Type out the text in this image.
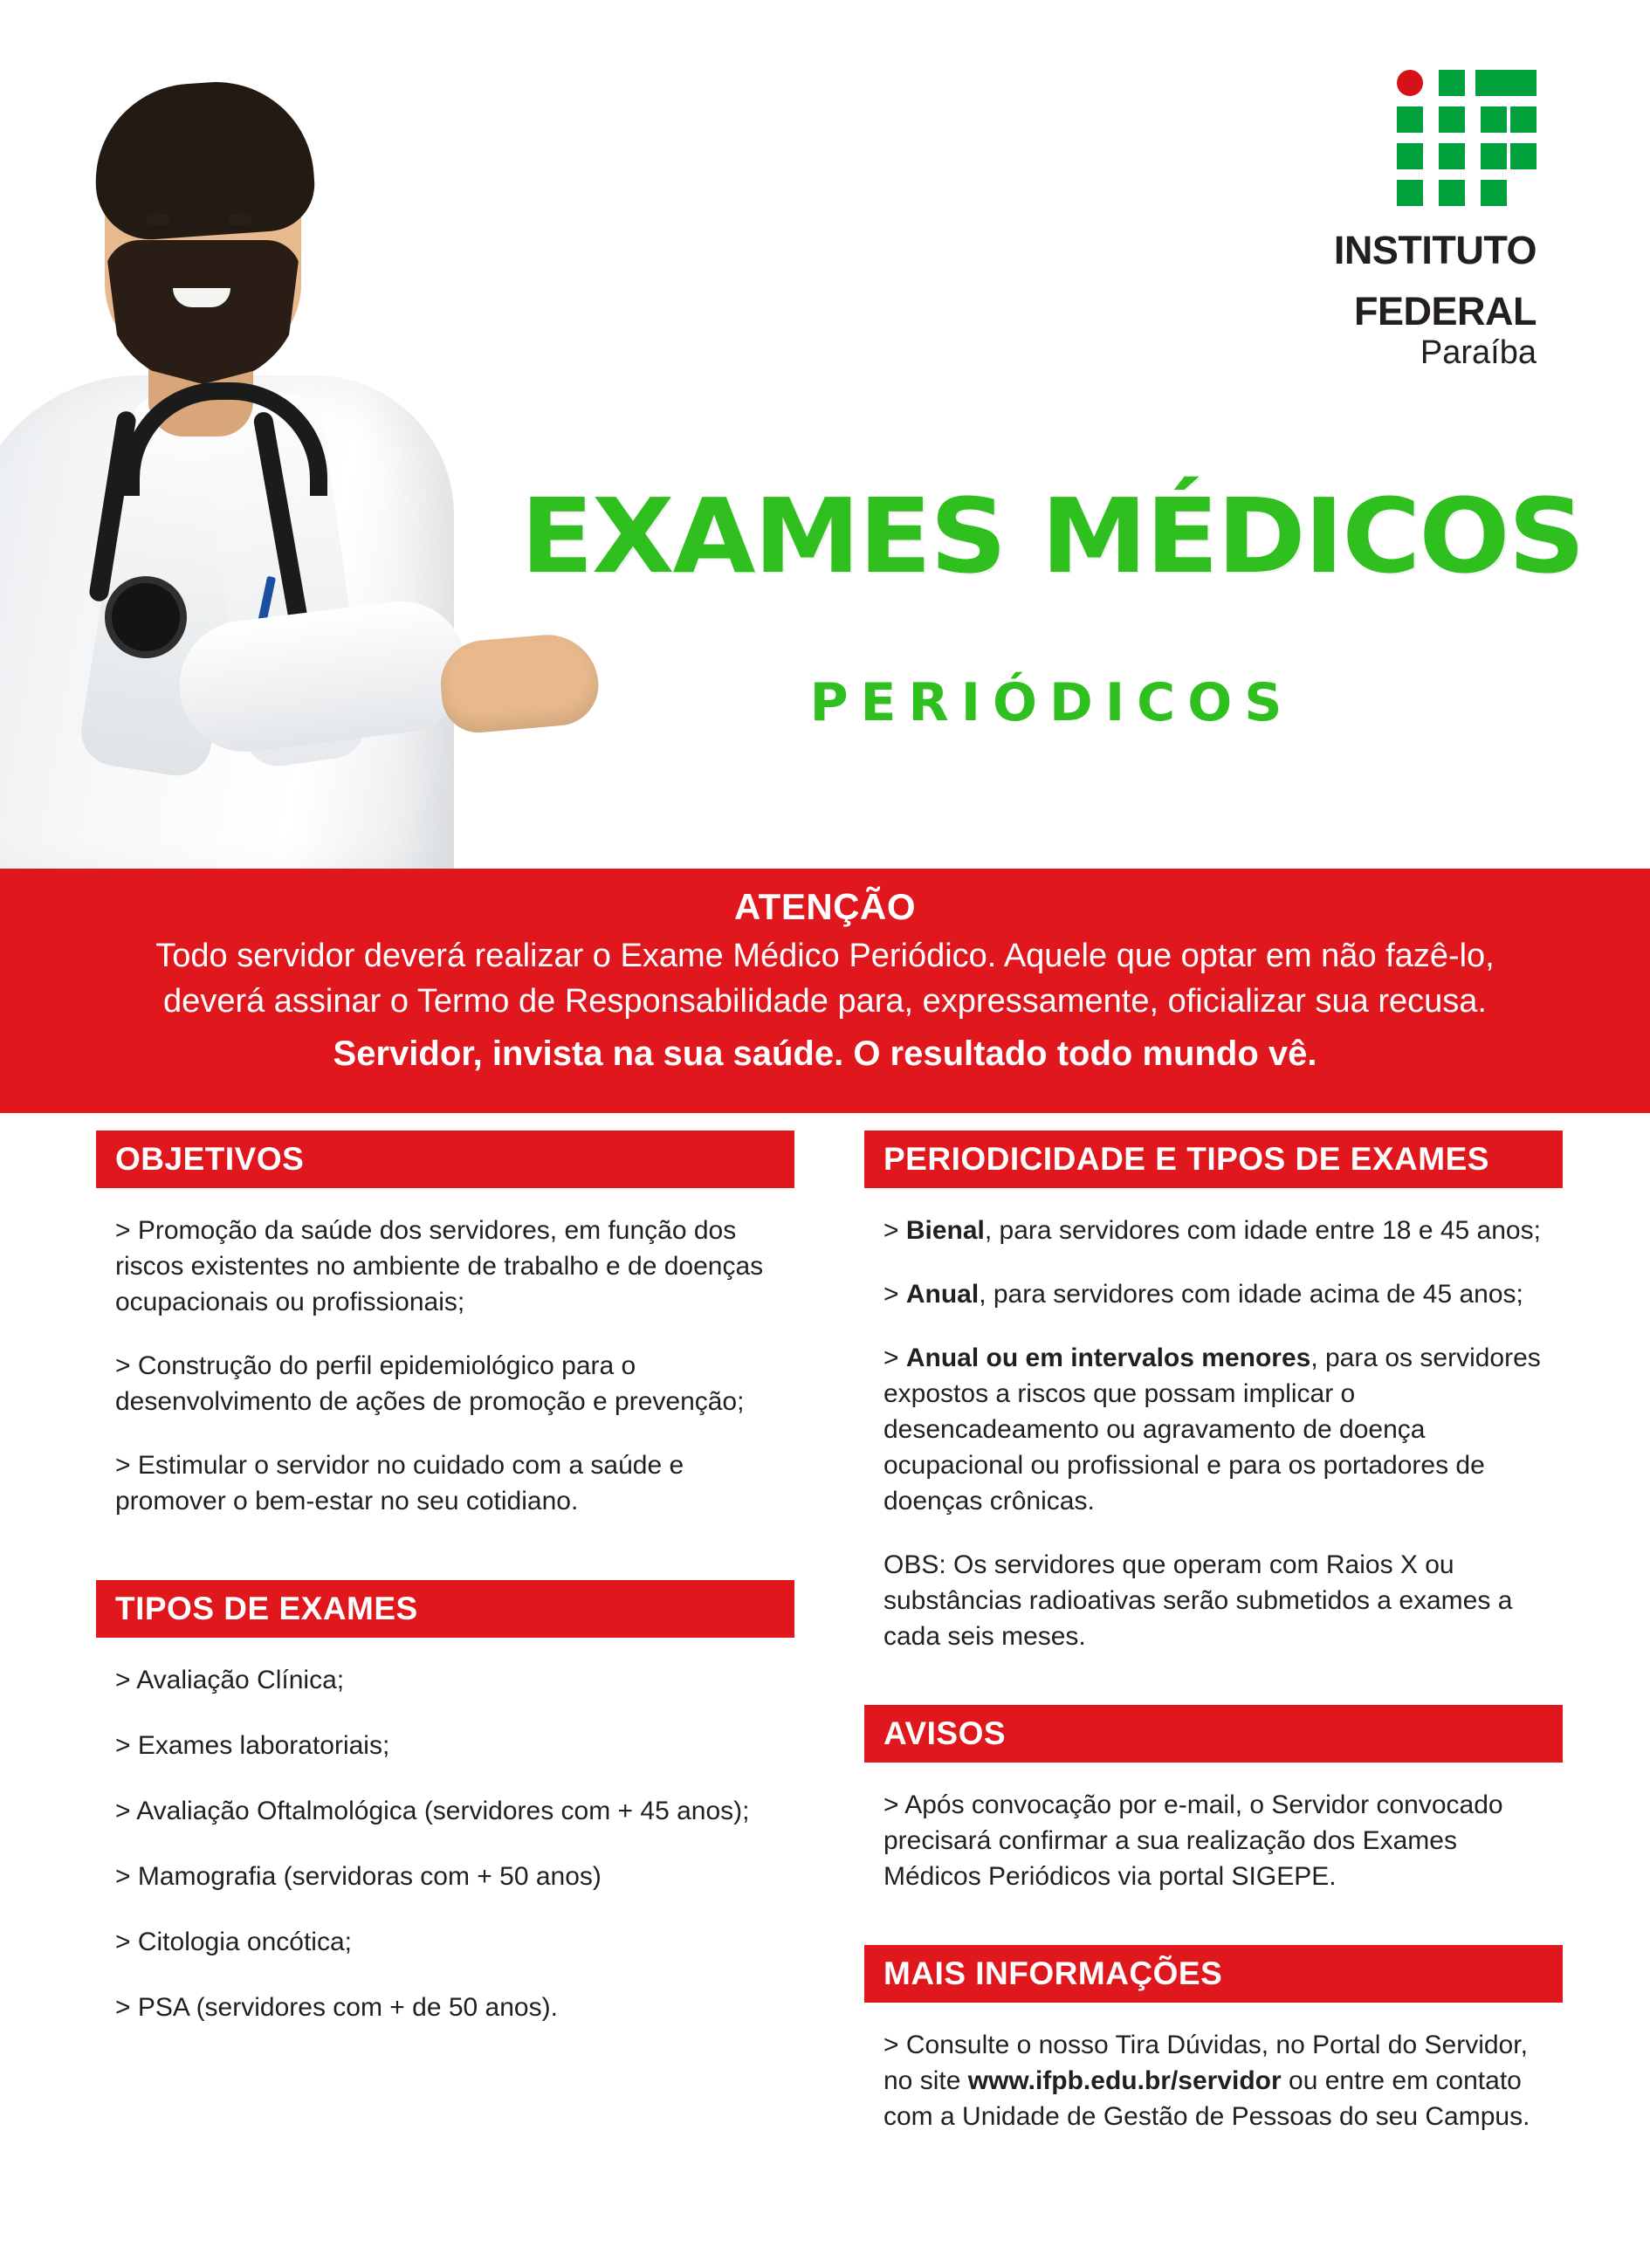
INSTITUTO
FEDERAL
Paraíba
EXAMES MÉDICOS
PERIÓDICOS
ATENÇÃO

Todo servidor deverá realizar o Exame Médico Periódico. Aquele que optar em não fazê-lo,

deverá assinar o Termo de Responsabilidade para, expressamente, oficializar sua recusa.

Servidor, invista na sua saúde. O resultado todo mundo vê.

OBJETIVOS

> Promoção da saúde dos servidores, em função dos riscos existentes no ambiente de trabalho e de doenças ocupacionais ou profissionais;

> Construção do perfil epidemiológico para o desenvolvimento de ações de promoção e prevenção;

> Estimular o servidor no cuidado com a saúde e promover o bem-estar no seu cotidiano.

TIPOS DE EXAMES

> Avaliação Clínica;

> Exames laboratoriais;

> Avaliação Oftalmológica (servidores com + 45 anos);

> Mamografia (servidoras com + 50 anos)

> Citologia oncótica;

> PSA (servidores com + de 50 anos).

PERIODICIDADE E TIPOS DE EXAMES

> Bienal, para servidores com idade entre 18 e 45 anos;

> Anual, para servidores com idade acima de 45 anos;

> Anual ou em intervalos menores, para os servidores expostos a riscos que possam implicar o desencadeamento ou agravamento de doença ocupacional ou profissional e para os portadores de doenças crônicas.

OBS: Os servidores que operam com Raios X ou substâncias radioativas serão submetidos a exames a cada seis meses.

AVISOS

> Após convocação por e-mail, o Servidor convocado precisará confirmar a sua realização dos Exames Médicos Periódicos via portal SIGEPE.

MAIS INFORMAÇÕES

> Consulte o nosso Tira Dúvidas, no Portal do Servidor, no site www.ifpb.edu.br/servidor ou entre em contato com a Unidade de Gestão de Pessoas do seu Campus.
